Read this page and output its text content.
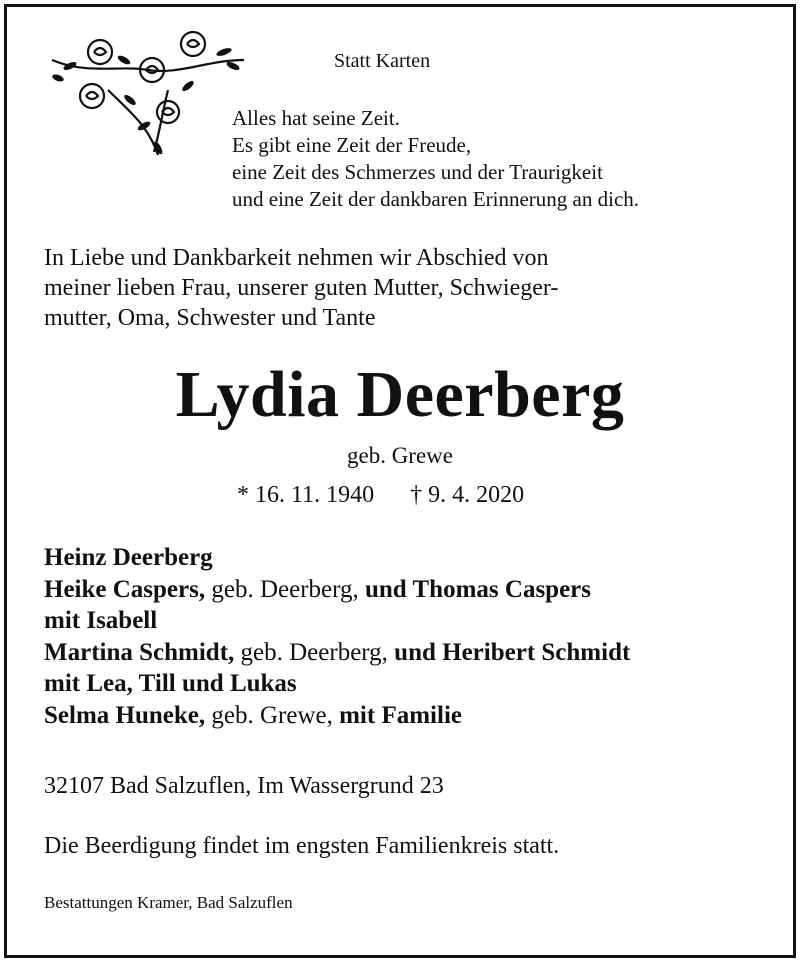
Statt Karten
Alles hat seine Zeit.
Es gibt eine Zeit der Freude,
eine Zeit des Schmerzes und der Traurigkeit
und eine Zeit der dankbaren Erinnerung an dich.
In Liebe und Dankbarkeit nehmen wir Abschied von
meiner lieben Frau, unserer guten Mutter, Schwieger-
mutter, Oma, Schwester und Tante
Lydia Deerberg
geb. Grewe
* 16. 11. 1940 † 9. 4. 2020
Heinz Deerberg
Heike Caspers, geb. Deerberg, und Thomas Caspers
mit Isabell
Martina Schmidt, geb. Deerberg, und Heribert Schmidt
mit Lea, Till und Lukas
Selma Huneke, geb. Grewe, mit Familie
32107 Bad Salzuflen, Im Wassergrund 23
Die Beerdigung findet im engsten Familienkreis statt.
Bestattungen Kramer, Bad Salzuflen
